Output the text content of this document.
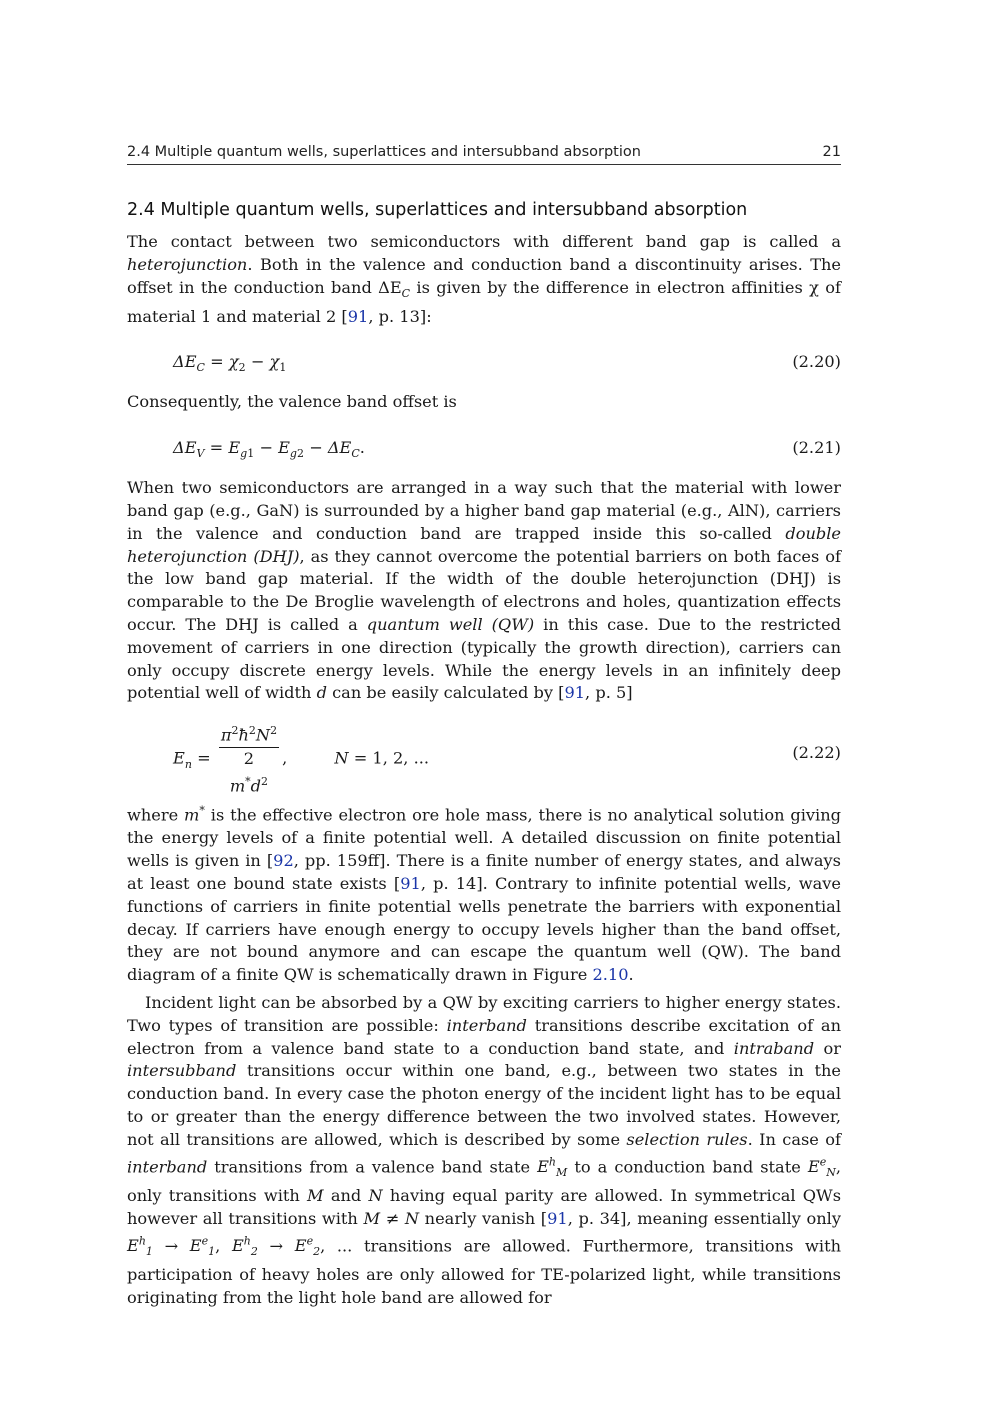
2.4 Multiple quantum wells, superlattices and intersubband absorption	21
2.4 Multiple quantum wells, superlattices and intersubband absorption

The contact between two semiconductors with different band gap is called a heterojunction. Both in the valence and conduction band a discontinuity arises. The offset in the conduction band $\Delta E_C$ is given by the difference in electron affinities χ of material 1 and material 2 [91, p. 13]:

$\Delta E_C = \chi_2 - \chi_1$	(2.20)

Consequently, the valence band offset is

$\Delta E_V = E_{g1} - E_{g2} - \Delta E_C$.	(2.21)

When two semiconductors are arranged in a way such that the material with lower band gap (e.g., GaN) is surrounded by a higher band gap material (e.g., AlN), carriers in the valence and conduction band are trapped inside this so-called double heterojunction (DHJ), as they cannot overcome the potential barriers on both faces of the low band gap material. If the width of the double heterojunction (DHJ) is comparable to the De Broglie wavelength of electrons and holes, quantization effects occur. The DHJ is called a quantum well (QW) in this case. Due to the restricted movement of carriers in one direction (typically the growth direction), carriers can only occupy discrete energy levels. While the energy levels in an infinitely deep potential well of width d can be easily calculated by [91, p. 5]

$E_n$ = $\pi^2ħ^2N^2$
2
$m^*d^2$ ,	N = 1, 2, ...	(2.22)

where m* is the effective electron ore hole mass, there is no analytical solution giving the energy levels of a finite potential well. A detailed discussion on finite potential wells is given in [92, pp. 159ff]. There is a finite number of energy states, and always at least one bound state exists [91, p. 14]. Contrary to infinite potential wells, wave functions of carriers in finite potential wells penetrate the barriers with exponential decay. If carriers have enough energy to occupy levels higher than the band offset, they are not bound anymore and can escape the quantum well (QW). The band diagram of a finite QW is schematically drawn in Figure 2.10.

Incident light can be absorbed by a QW by exciting carriers to higher energy states. Two types of transition are possible: interband transitions describe excitation of an electron from a valence band state to a conduction band state, and intraband or intersubband transitions occur within one band, e.g., between two states in the conduction band. In every case the photon energy of the incident light has to be equal to or greater than the energy difference between the two involved states. However, not all transitions are allowed, which is described by some selection rules. In case of interband transitions from a valence band state $E^h_M$ to a conduction band state $E^e_N$, only transitions with M and N having equal parity are allowed. In symmetrical QWs however all transitions with M ≠ N nearly vanish [91, p. 34], meaning essentially only $E^h_1 \to E^e_1$, $E^h_2 \to E^e_2$, ... transitions are allowed. Furthermore, transitions with participation of heavy holes are only allowed for TE-polarized light, while transitions originating from the light hole band are allowed for
